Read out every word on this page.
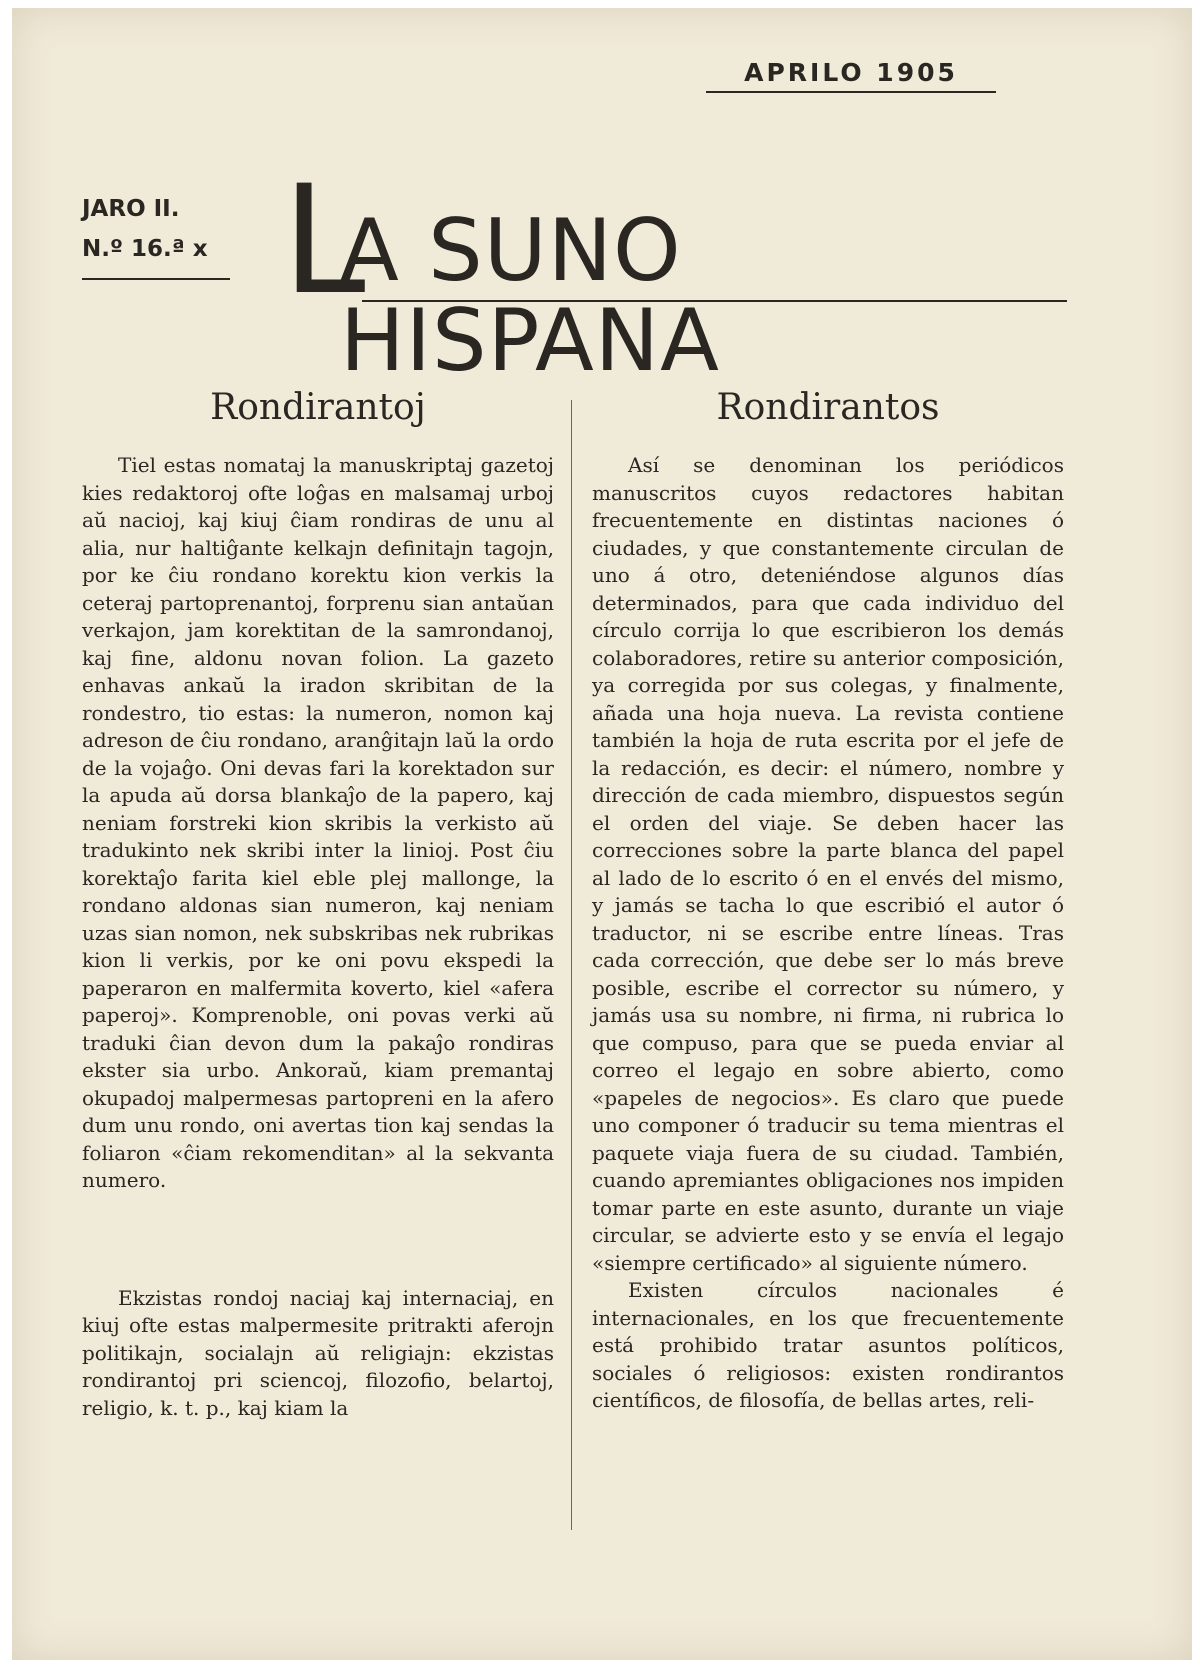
APRILO 1905
JARO II.
N.º 16.ª x L
A SUNO HISPANA
Rondirantoj

Tiel estas nomataj la manuskriptaj gazetoj kies redaktoroj ofte loĝas en malsamaj urboj aŭ nacioj, kaj kiuj ĉiam rondiras de unu al alia, nur haltiĝante kelkajn definitajn tagojn, por ke ĉiu rondano korektu kion verkis la ceteraj partoprenantoj, forprenu sian antaŭan verkajon, jam korektitan de la samrondanoj, kaj fine, aldonu novan folion. La gazeto enhavas ankaŭ la iradon skribitan de la rondestro, tio estas: la numeron, nomon kaj adreson de ĉiu rondano, aranĝitajn laŭ la ordo de la vojaĝo. Oni devas fari la korektadon sur la apuda aŭ dorsa blankaĵo de la papero, kaj neniam forstreki kion skribis la verkisto aŭ tradukinto nek skribi inter la linioj. Post ĉiu korektaĵo farita kiel eble plej mallonge, la rondano aldonas sian numeron, kaj neniam uzas sian nomon, nek subskribas nek rubrikas kion li verkis, por ke oni povu ekspedi la paperaron en malfermita koverto, kiel «afera paperoj». Komprenoble, oni povas verki aŭ traduki ĉian devon dum la pakaĵo rondiras ekster sia urbo. Ankoraŭ, kiam premantaj okupadoj malpermesas partopreni en la afero dum unu rondo, oni avertas tion kaj sendas la foliaron «ĉiam rekomenditan» al la sekvanta numero.

Ekzistas rondoj naciaj kaj internaciaj, en kiuj ofte estas malpermesite pritrakti aferojn politikajn, socialajn aŭ religiajn: ekzistas rondirantoj pri sciencoj, filozofio, belartoj, religio, k. t. p., kaj kiam la

Rondirantos

Así se denominan los periódicos manuscritos cuyos redactores habitan frecuentemente en distintas naciones ó ciudades, y que constantemente circulan de uno á otro, deteniéndose algunos días determinados, para que cada individuo del círculo corrija lo que escribieron los demás colaboradores, retire su anterior composición, ya corregida por sus colegas, y finalmente, añada una hoja nueva. La revista contiene también la hoja de ruta escrita por el jefe de la redacción, es decir: el número, nombre y dirección de cada miembro, dispuestos según el orden del viaje. Se deben hacer las correcciones sobre la parte blanca del papel al lado de lo escrito ó en el envés del mismo, y jamás se tacha lo que escribió el autor ó traductor, ni se escribe entre líneas. Tras cada corrección, que debe ser lo más breve posible, escribe el corrector su número, y jamás usa su nombre, ni firma, ni rubrica lo que compuso, para que se pueda enviar al correo el legajo en sobre abierto, como «papeles de negocios». Es claro que puede uno componer ó traducir su tema mientras el paquete viaja fuera de su ciudad. También, cuando apremiantes obligaciones nos impiden tomar parte en este asunto, durante un viaje circular, se advierte esto y se envía el legajo «siempre certificado» al siguiente número.

Existen círculos nacionales é internacionales, en los que frecuentemente está prohibido tratar asuntos políticos, sociales ó religiosos: existen rondirantos científicos, de filosofía, de bellas artes, reli-
